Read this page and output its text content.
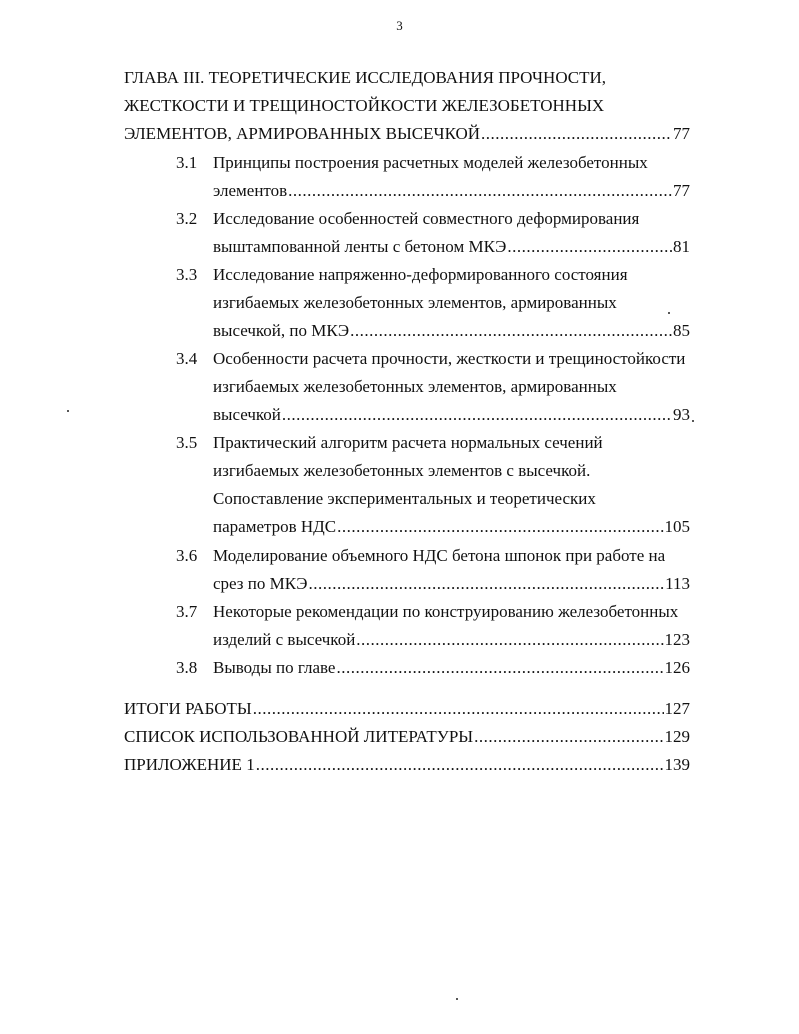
3
ГЛАВА III. ТЕОРЕТИЧЕСКИЕ ИССЛЕДОВАНИЯ ПРОЧНОСТИ,
ЖЕСТКОСТИ И ТРЕЩИНОСТОЙКОСТИ ЖЕЛЕЗОБЕТОННЫХ
ЭЛЕМЕНТОВ, АРМИРОВАННЫХ ВЫСЕЧКОЙ .....	77
3.1 Принципы построения расчетных моделей железобетонных
элементов .....	77
3.2 Исследование особенностей совместного деформирования
выштампованной ленты с бетоном МКЭ .....	81
3.3 Исследование напряженно-деформированного состояния
изгибаемых железобетонных элементов, армированных
высечкой, по МКЭ .....	85
3.4 Особенности расчета прочности, жесткости и трещиностойкости
изгибаемых железобетонных элементов, армированных
высечкой .....	93
3.5 Практический алгоритм расчета нормальных сечений
изгибаемых железобетонных элементов с высечкой.
Сопоставление экспериментальных и теоретических
параметров НДС .....	105
3.6 Моделирование объемного НДС бетона шпонок при работе на
срез по МКЭ .....	113
3.7 Некоторые рекомендации по конструированию железобетонных
изделий с высечкой .....	123
3.8 Выводы по главе .....	126
ИТОГИ РАБОТЫ .....	127
СПИСОК ИСПОЛЬЗОВАННОЙ ЛИТЕРАТУРЫ .....	129
ПРИЛОЖЕНИЕ 1 .....	139
